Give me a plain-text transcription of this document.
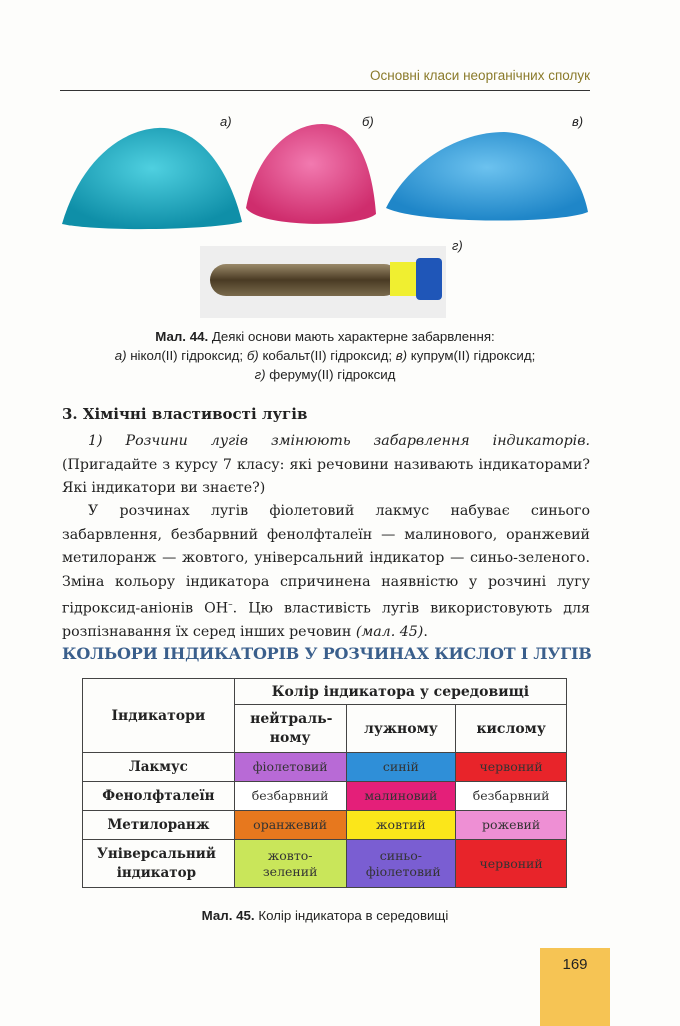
Основні класи неорганічних сполук
а)	б)	в)
г)
Мал. 44. Деякі основи мають характерне забарвлення:
а) нікол(ІІ) гідроксид; б) кобальт(ІІ) гідроксид; в) купрум(ІІ) гідроксид;
г) феруму(ІІ) гідроксид
3. Хімічні властивості лугів
1) Розчини лугів змінюють забарвлення індикаторів. (Пригадайте з курсу 7 класу: які речовини називають індикаторами? Які індикатори ви знаєте?)
У розчинах лугів фіолетовий лакмус набуває синього забарвлення, безбарвний фенолфталеїн — малинового, оранжевий метилоранж — жовтого, універсальний індикатор — синьо-зеленого. Зміна кольору індикатора спричинена наявністю у розчині лугу гідроксид-аніонів OH–. Цю властивість лугів використовують для розпізнавання їх серед інших речовин (мал. 45).
КОЛЬОРИ ІНДИКАТОРІВ У РОЗЧИНАХ КИСЛОТ І ЛУГІВ
Індикатори	Колір індикатора у середовищі		

	нейтраль-ному	лужному	кислому
Лакмус	фіолетовий	синій	червоний
Фенолфталеїн	безбарвний	малиновий	безбарвний
Метилоранж	оранжевий	жовтий	рожевий
Універсальний індикатор	жовто-зелений	синьо-фіолетовий	червоний
Мал. 45. Колір індикатора в середовищі
169
